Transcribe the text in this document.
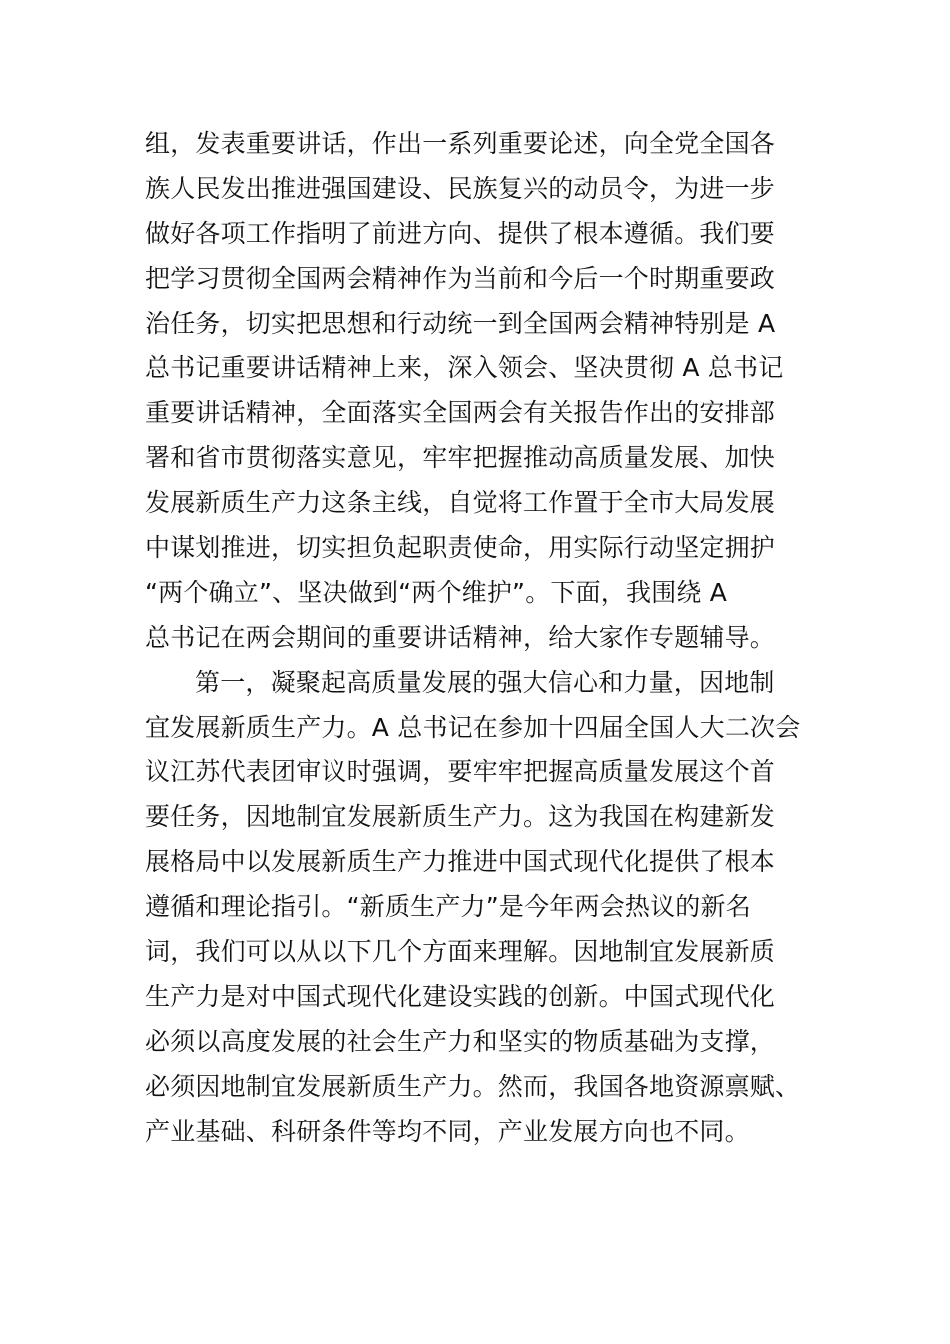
组，发表重要讲话，作出一系列重要论述，向全党全国各
族人民发出推进强国建设、民族复兴的动员令，为进一步
做好各项工作指明了前进方向、提供了根本遵循。我们要
把学习贯彻全国两会精神作为当前和今后一个时期重要政
治任务，切实把思想和行动统一到全国两会精神特别是 A
总书记重要讲话精神上来，深入领会、坚决贯彻 A 总书记
重要讲话精神，全面落实全国两会有关报告作出的安排部
署和省市贯彻落实意见，牢牢把握推动高质量发展、加快
发展新质生产力这条主线，自觉将工作置于全市大局发展
中谋划推进，切实担负起职责使命，用实际行动坚定拥护
“两个确立”、坚决做到“两个维护”。下面，我围绕 A
总书记在两会期间的重要讲话精神，给大家作专题辅导。
第一，凝聚起高质量发展的强大信心和力量，因地制
宜发展新质生产力。A 总书记在参加十四届全国人大二次会
议江苏代表团审议时强调，要牢牢把握高质量发展这个首
要任务，因地制宜发展新质生产力。这为我国在构建新发
展格局中以发展新质生产力推进中国式现代化提供了根本
遵循和理论指引。“新质生产力”是今年两会热议的新名
词，我们可以从以下几个方面来理解。因地制宜发展新质
生产力是对中国式现代化建设实践的创新。中国式现代化
必须以高度发展的社会生产力和坚实的物质基础为支撑，
必须因地制宜发展新质生产力。然而，我国各地资源禀赋、
产业基础、科研条件等均不同，产业发展方向也不同。
